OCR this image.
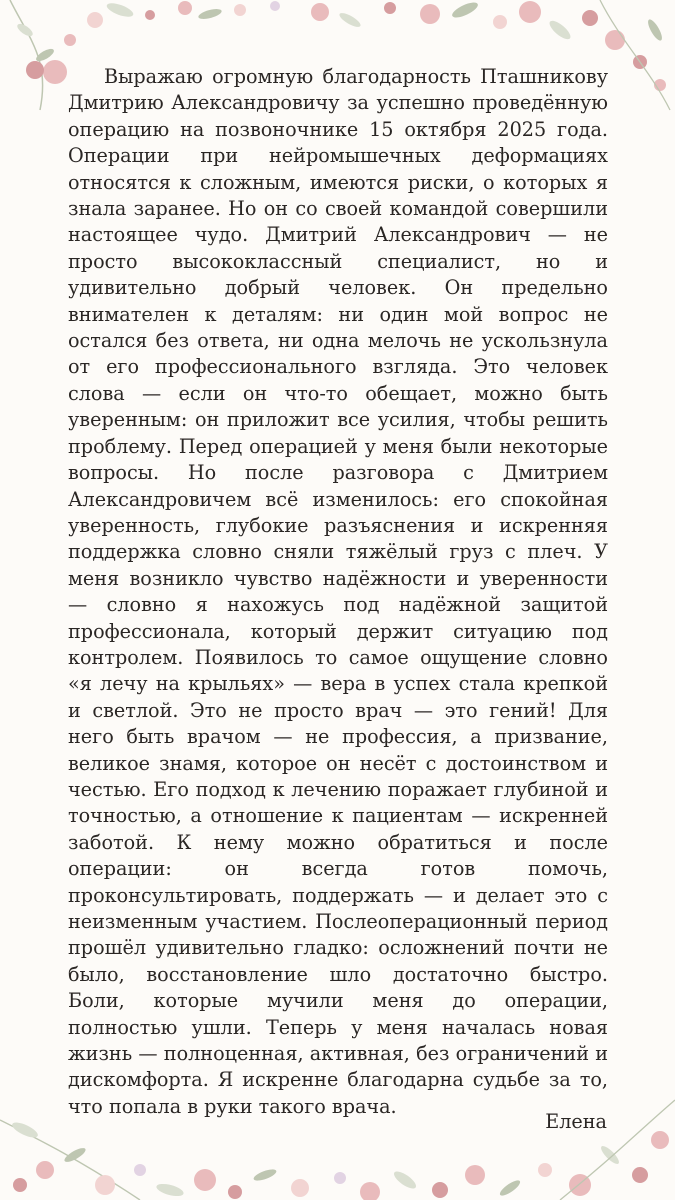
Выражаю огромную благодарность Пташникову Дмитрию Александровичу за успешно проведённую операцию на позвоночнике 15 октября 2025 года. Операции при нейромышечных деформациях относятся к сложным, имеются риски, о которых я знала заранее. Но он со своей командой совершили настоящее чудо. Дмитрий Александрович — не просто высококлассный специалист, но и удивительно добрый человек. Он предельно внимателен к деталям: ни один мой вопрос не остался без ответа, ни одна мелочь не ускользнула от его профессионального взгляда. Это человек слова — если он что-то обещает, можно быть уверенным: он приложит все усилия, чтобы решить проблему. Перед операцией у меня были некоторые вопросы. Но после разговора с Дмитрием Александровичем всё изменилось: его спокойная уверенность, глубокие разъяснения и искренняя поддержка словно сняли тяжёлый груз с плеч. У меня возникло чувство надёжности и уверенности — словно я нахожусь под надёжной защитой профессионала, который держит ситуацию под контролем. Появилось то самое ощущение словно «я лечу на крыльях» — вера в успех стала крепкой и светлой. Это не просто врач — это гений! Для него быть врачом — не профессия, а призвание, великое знамя, которое он несёт с достоинством и честью. Его подход к лечению поражает глубиной и точностью, а отношение к пациентам — искренней заботой. К нему можно обратиться и после операции: он всегда готов помочь, проконсультировать, поддержать — и делает это с неизменным участием. Послеоперационный период прошёл удивительно гладко: осложнений почти не было, восстановление шло достаточно быстро. Боли, которые мучили меня до операции, полностью ушли. Теперь у меня началась новая жизнь — полноценная, активная, без ограничений и дискомфорта. Я искренне благодарна судьбе за то, что попала в руки такого врача.

Елена
